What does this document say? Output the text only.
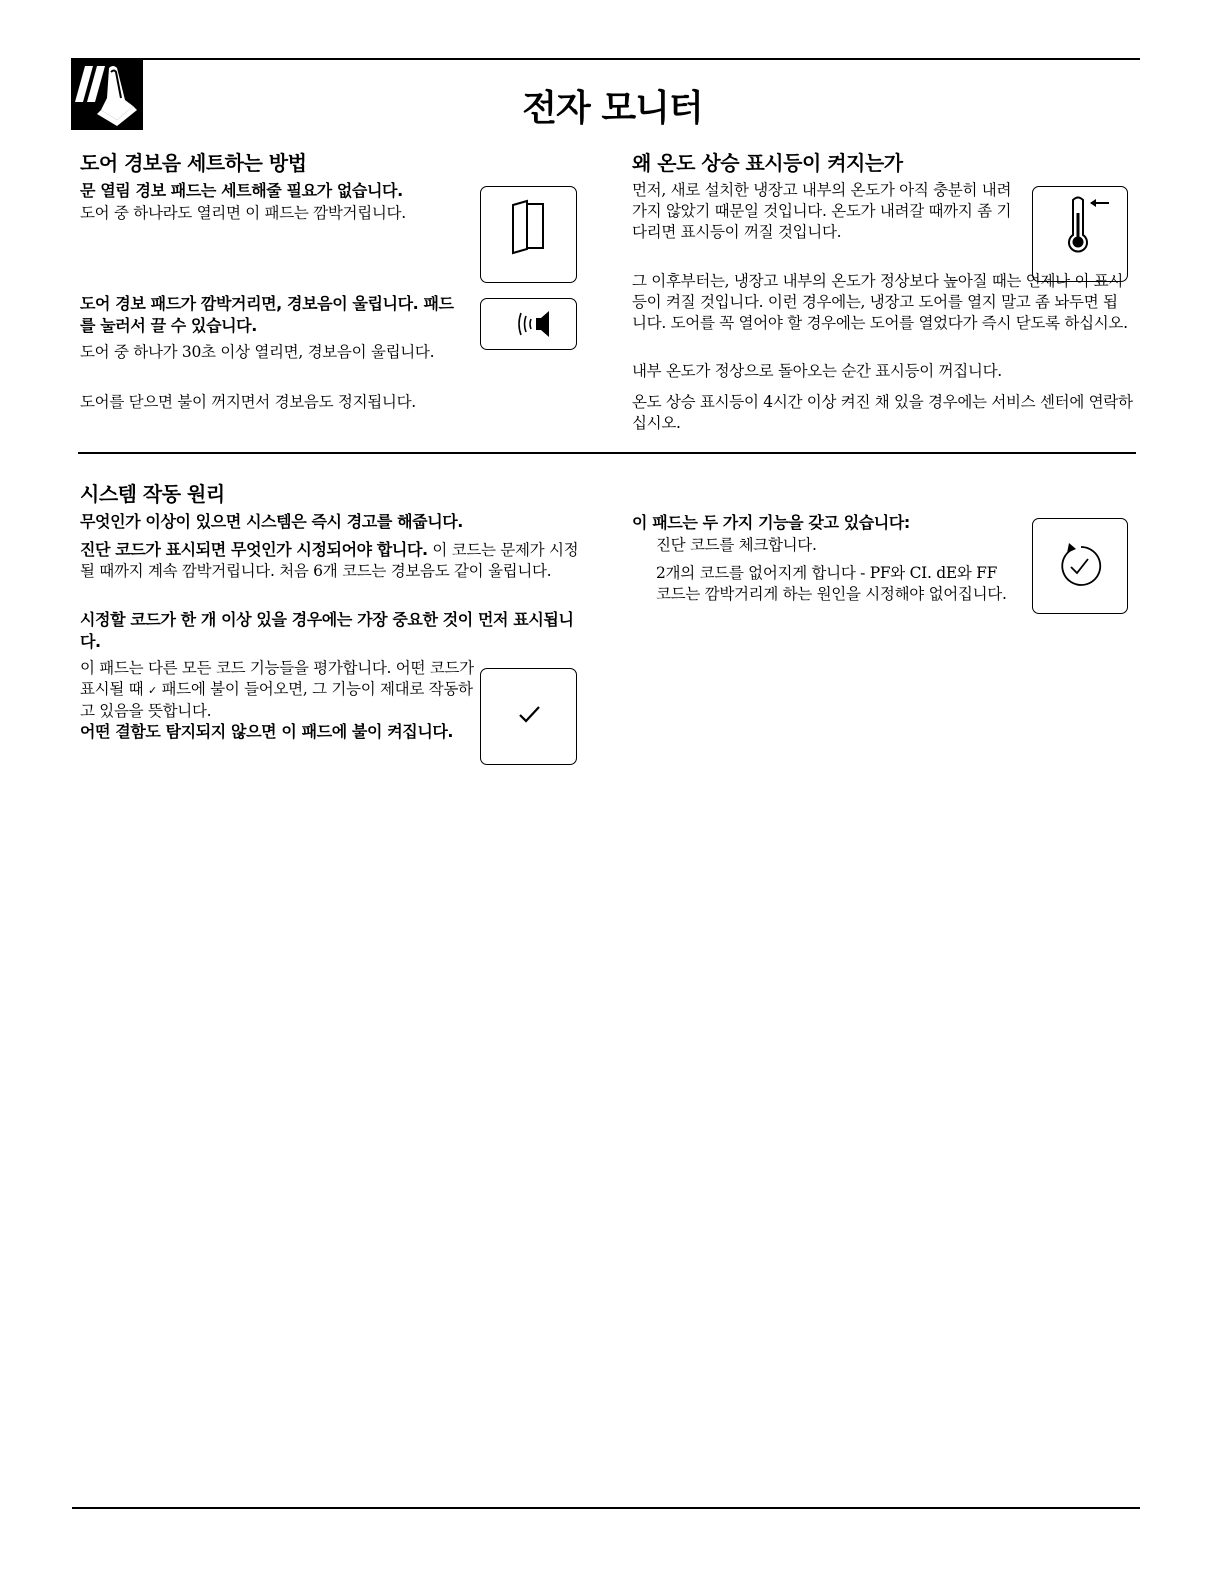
전자 모니터
도어 경보음 세트하는 방법
문 열림 경보 패드는 세트해줄 필요가 없습니다.
도어 중 하나라도 열리면 이 패드는 깜박거립니다.
도어 경보 패드가 깜박거리면, 경보음이 울립니다. 패드를 눌러서 끌 수 있습니다.
도어 중 하나가 30초 이상 열리면, 경보음이 울립니다.
도어를 닫으면 불이 꺼지면서 경보음도 정지됩니다.
왜 온도 상승 표시등이 켜지는가
먼저, 새로 설치한 냉장고 내부의 온도가 아직 충분히 내려가지 않았기 때문일 것입니다. 온도가 내려갈 때까지 좀 기다리면 표시등이 꺼질 것입니다.
그 이후부터는, 냉장고 내부의 온도가 정상보다 높아질 때는 언제나 이 표시등이 켜질 것입니다. 이런 경우에는, 냉장고 도어를 열지 말고 좀 놔두면 됩니다. 도어를 꼭 열어야 할 경우에는 도어를 열었다가 즉시 닫도록 하십시오.
내부 온도가 정상으로 돌아오는 순간 표시등이 꺼집니다.
온도 상승 표시등이 4시간 이상 켜진 채 있을 경우에는 서비스 센터에 연락하십시오.
시스템 작동 원리
무엇인가 이상이 있으면 시스템은 즉시 경고를 해줍니다.
진단 코드가 표시되면 무엇인가 시정되어야 합니다. 이 코드는 문제가 시정될 때까지 계속 깜박거립니다. 처음 6개 코드는 경보음도 같이 울립니다.
시정할 코드가 한 개 이상 있을 경우에는 가장 중요한 것이 먼저 표시됩니다.
이 패드는 다른 모든 코드 기능들을 평가합니다. 어떤 코드가 표시될 때 ✓ 패드에 불이 들어오면, 그 기능이 제대로 작동하고 있음을 뜻합니다.
어떤 결함도 탐지되지 않으면 이 패드에 불이 켜집니다.
이 패드는 두 가지 기능을 갖고 있습니다:
진단 코드를 체크합니다.
2개의 코드를 없어지게 합니다 - PF와 CI. dE와 FF 코드는 깜박거리게 하는 원인을 시정해야 없어집니다.
